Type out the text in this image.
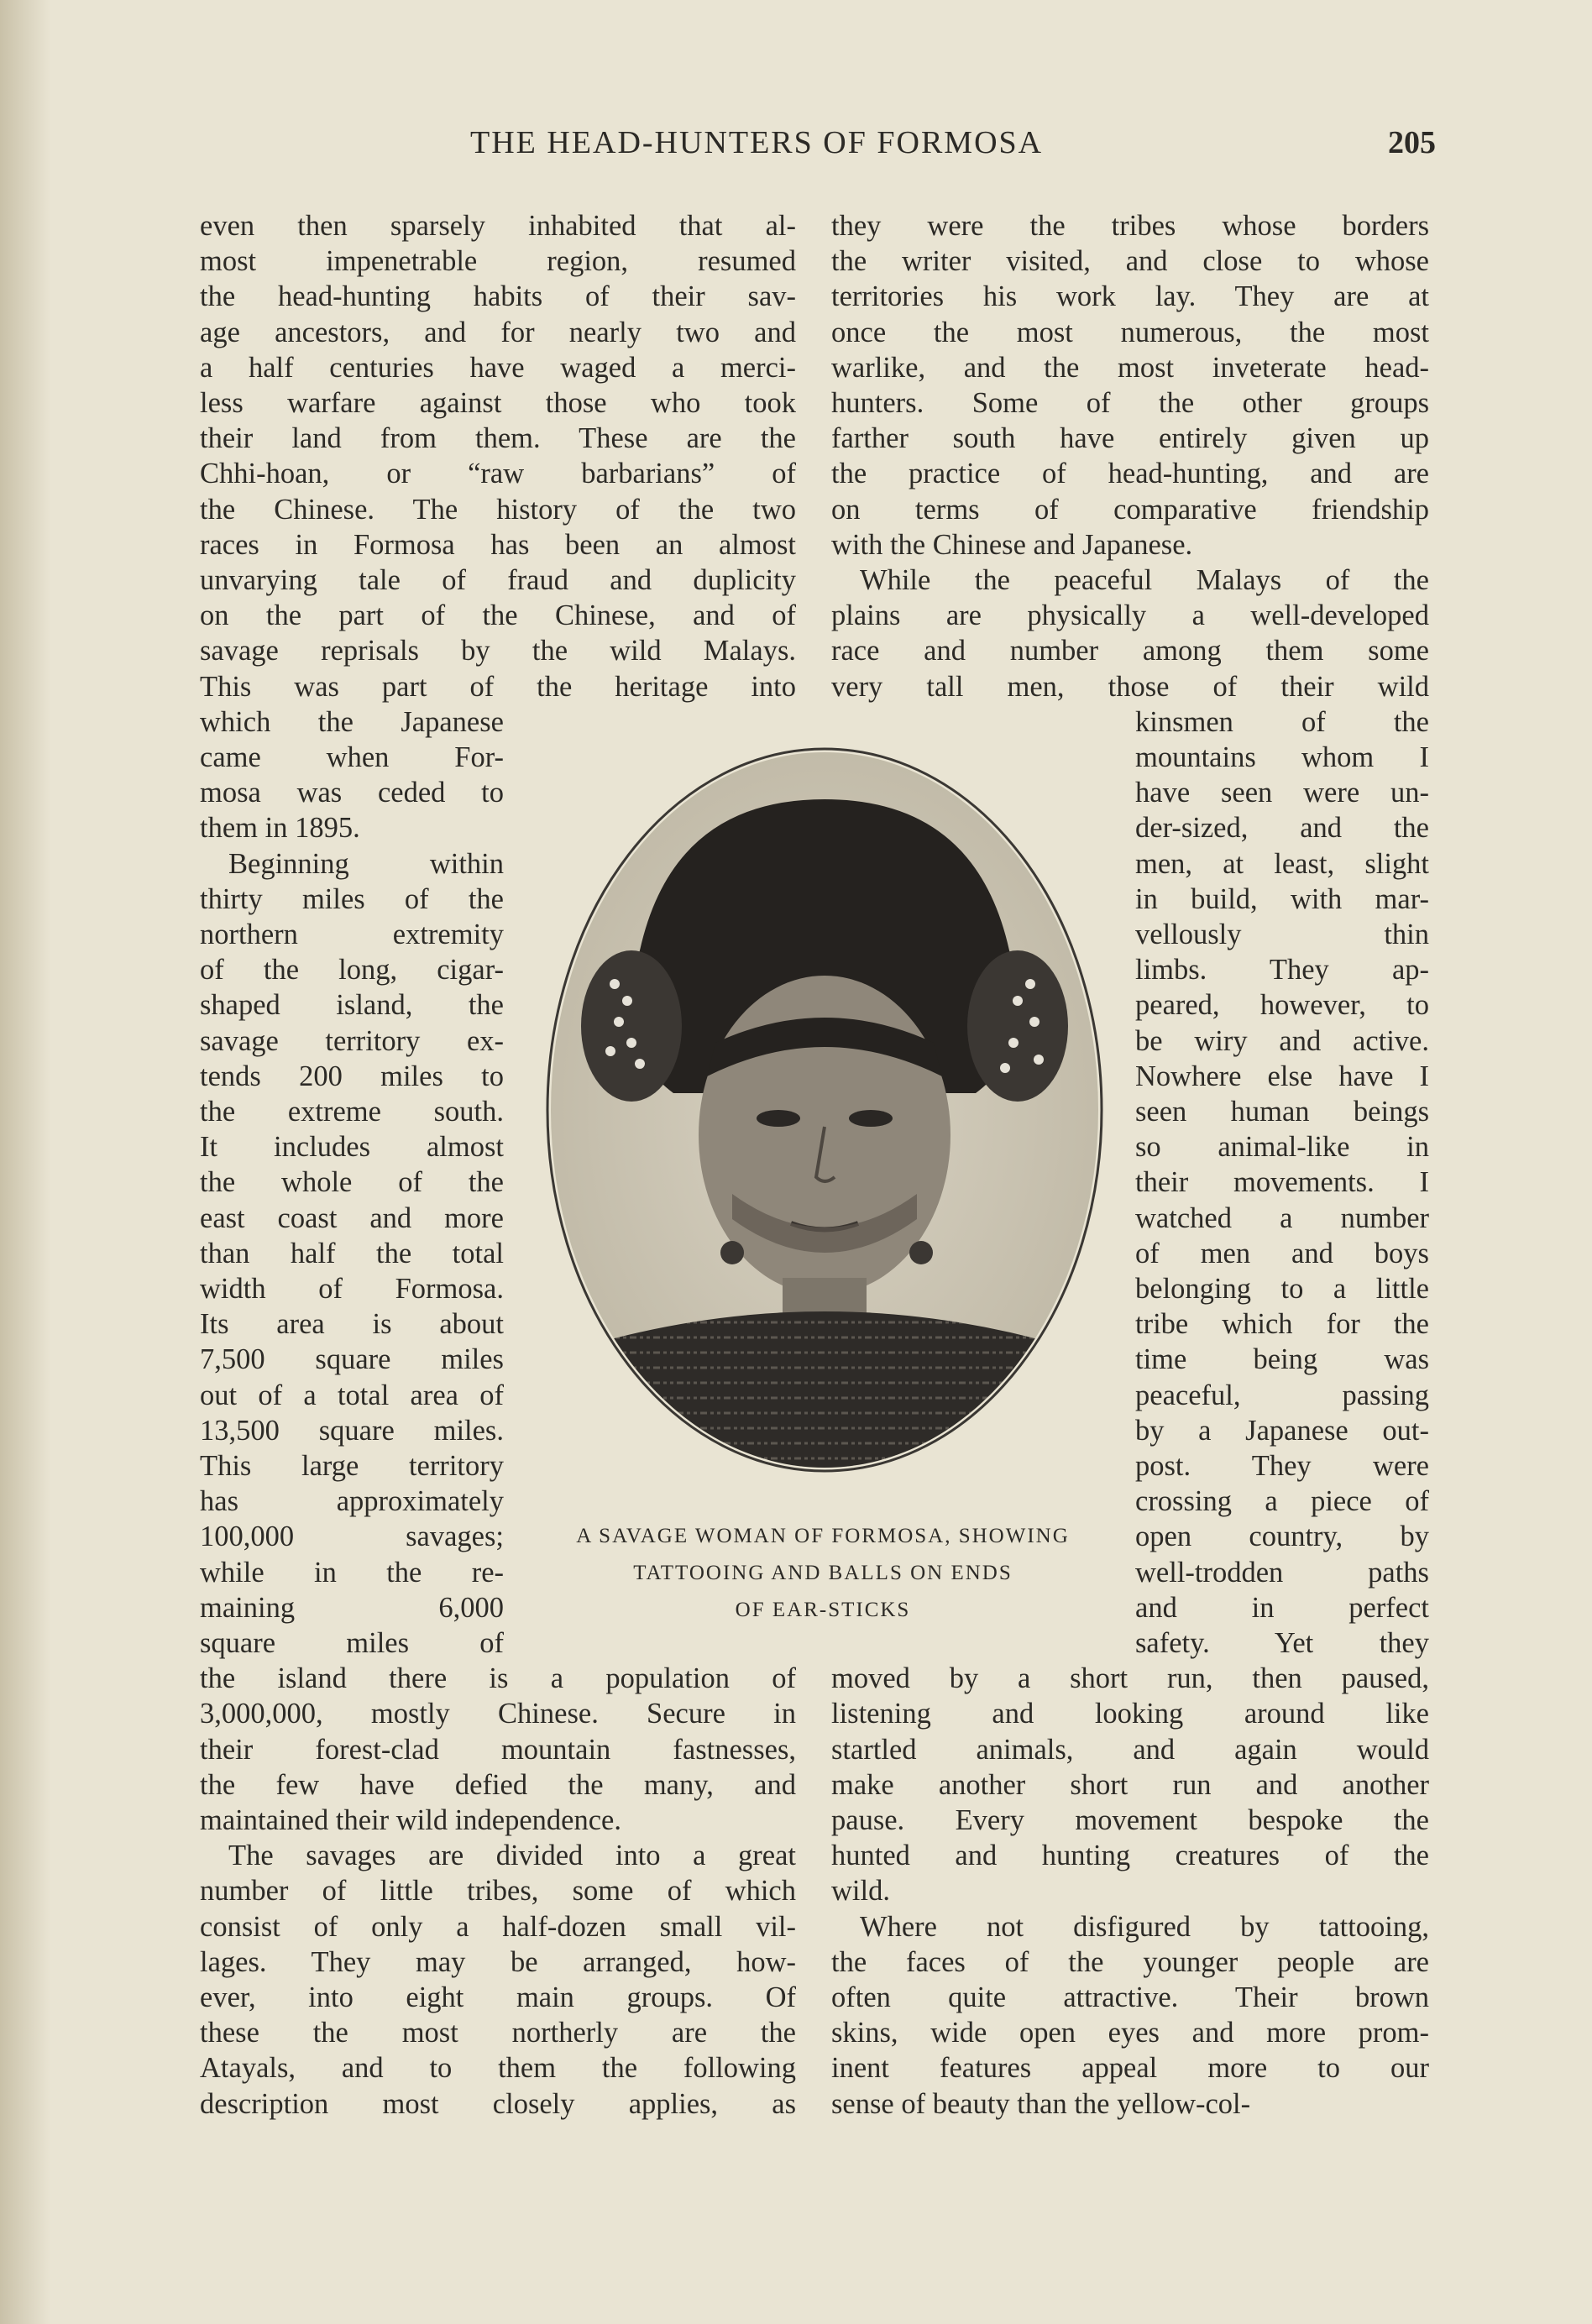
THE HEAD-HUNTERS OF FORMOSA	205
even then sparsely inhabited that al-
most impenetrable region, resumed
the head-hunting habits of their sav-
age ancestors, and for nearly two and
a half centuries have waged a merci-
less warfare against those who took
their land from them. These are the
Chhi-hoan, or “raw barbarians” of
the Chinese. The history of the two
races in Formosa has been an almost
unvarying tale of fraud and duplicity
on the part of the Chinese, and of
savage reprisals by the wild Malays.
This was part of the heritage into
which the Japanese
came when For-
mosa was ceded to
them in 1895.
Beginning within
thirty miles of the
northern extremity
of the long, cigar-
shaped island, the
savage territory ex-
tends 200 miles to
the extreme south.
It includes almost
the whole of the
east coast and more
than half the total
width of Formosa.
Its area is about
7,500 square miles
out of a total area of
13,500 square miles.
This large territory
has approximately
100,000 savages;
while in the re-
maining 6,000
square miles of
the island there is a population of
3,000,000, mostly Chinese. Secure in
their forest-clad mountain fastnesses,
the few have defied the many, and
maintained their wild independence.
The savages are divided into a great
number of little tribes, some of which
consist of only a half-dozen small vil-
lages. They may be arranged, how-
ever, into eight main groups. Of
these the most northerly are the
Atayals, and to them the following
description most closely applies, as
they were the tribes whose borders
the writer visited, and close to whose
territories his work lay. They are at
once the most numerous, the most
warlike, and the most inveterate head-
hunters. Some of the other groups
farther south have entirely given up
the practice of head-hunting, and are
on terms of comparative friendship
with the Chinese and Japanese.
While the peaceful Malays of the
plains are physically a well-developed
race and number among them some
very tall men, those of their wild
kinsmen of the
mountains whom I
have seen were un-
der-sized, and the
men, at least, slight
in build, with mar-
vellously thin
limbs. They ap-
peared, however, to
be wiry and active.
Nowhere else have I
seen human beings
so animal-like in
their movements. I
watched a number
of men and boys
belonging to a little
tribe which for the
time being was
peaceful, passing
by a Japanese out-
post. They were
crossing a piece of
open country, by
well-trodden paths
and in perfect
safety. Yet they
moved by a short run, then paused,
listening and looking around like
startled animals, and again would
make another short run and another
pause. Every movement bespoke the
hunted and hunting creatures of the
wild.
Where not disfigured by tattooing,
the faces of the younger people are
often quite attractive. Their brown
skins, wide open eyes and more prom-
inent features appeal more to our
sense of beauty than the yellow-col-
A SAVAGE WOMAN OF FORMOSA, SHOWING
TATTOOING AND BALLS ON ENDS
OF EAR-STICKS
